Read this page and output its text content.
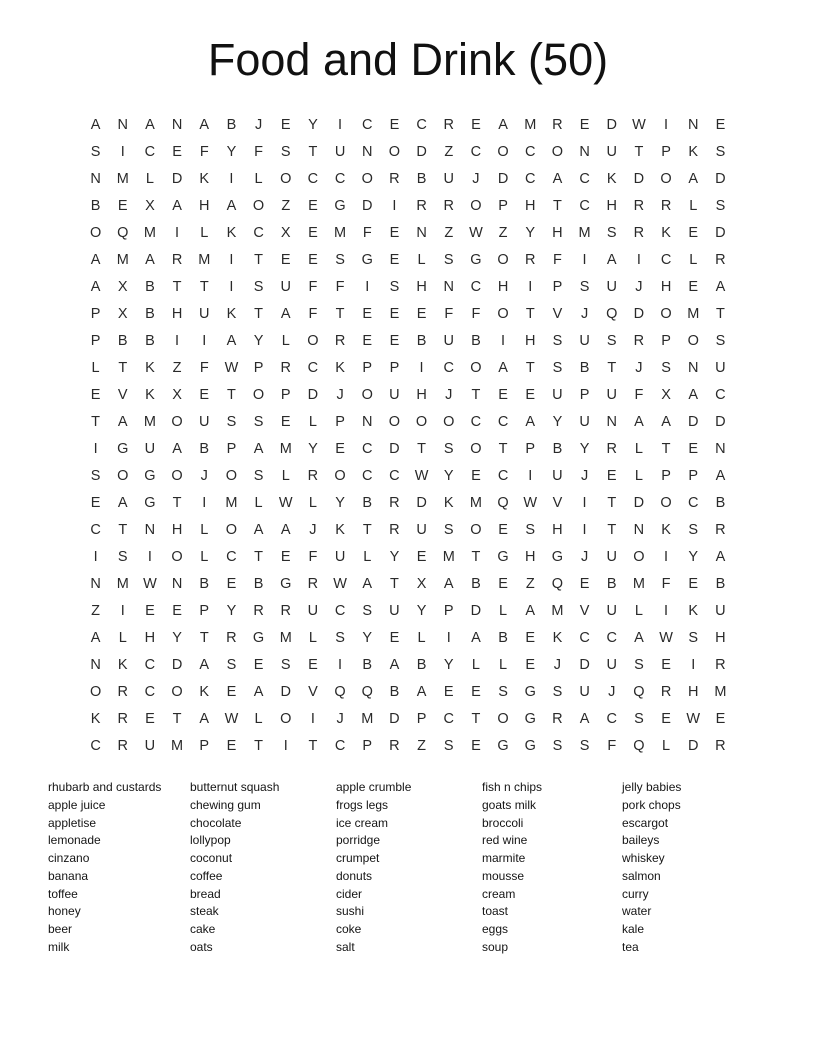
Food and Drink (50)
A	N	A	N	A	B	J	E	Y	I	C	E	C	R	E	A	M	R	E	D	W	I	N	E
S	I	C	E	F	Y	F	S	T	U	N	O	D	Z	C	O	C	O	N	U	T	P	K	S
N	M	L	D	K	I	L	O	C	C	O	R	B	U	J	D	C	A	C	K	D	O	A	D
B	E	X	A	H	A	O	Z	E	G	D	I	R	R	O	P	H	T	C	H	R	R	L	S
O	Q	M	I	L	K	C	X	E	M	F	E	N	Z	W	Z	Y	H	M	S	R	K	E	D
A	M	A	R	M	I	T	E	E	S	G	E	L	S	G	O	R	F	I	A	I	C	L	R
A	X	B	T	T	I	S	U	F	F	I	S	H	N	C	H	I	P	S	U	J	H	E	A
P	X	B	H	U	K	T	A	F	T	E	E	E	F	F	O	T	V	J	Q	D	O	M	T
P	B	B	I	I	A	Y	L	O	R	E	E	B	U	B	I	H	S	U	S	R	P	O	S
L	T	K	Z	F	W	P	R	C	K	P	P	I	C	O	A	T	S	B	T	J	S	N	U
E	V	K	X	E	T	O	P	D	J	O	U	H	J	T	E	E	U	P	U	F	X	A	C
T	A	M	O	U	S	S	E	L	P	N	O	O	O	C	C	A	Y	U	N	A	A	D	D
I	G	U	A	B	P	A	M	Y	E	C	D	T	S	O	T	P	B	Y	R	L	T	E	N
S	O	G	O	J	O	S	L	R	O	C	C	W	Y	E	C	I	U	J	E	L	P	P	A
E	A	G	T	I	M	L	W	L	Y	B	R	D	K	M	Q	W	V	I	T	D	O	C	B
C	T	N	H	L	O	A	A	J	K	T	R	U	S	O	E	S	H	I	T	N	K	S	R
I	S	I	O	L	C	T	E	F	U	L	Y	E	M	T	G	H	G	J	U	O	I	Y	A
N	M W	N	B	E	B	G	R	W	A	T	X	A	B	E	Z	Q	E	B	M	F	E	B
Z	I	E	E	P	Y	R	R	U	C	S	U	Y	P	D	L	A	M	V	U	L	I	K	U
A	L	H	Y	T	R	G	M	L	S	Y	E	L	I	A	B	E	K	C	C	A	W	S	H
N	K	C	D	A	S	E	S	E	I	B	A	B	Y	L	L	E	J	D	U	S	E	I	R
O	R	C	O	K	E	A	D	V	Q	Q	B	A	E	E	S	G	S	U	J	Q	R	H	M
K	R	E	T	A	W	L	O	I	J	M	D	P	C	T	O	G	R	A	C	S	E	W	E
C	R	U	M	P	E	T	I	T	C	P	R	Z	S	E	G	G	S	S	F	Q	L	D	R
rhubarb and custards
apple juice
appletise
lemonade
cinzano
banana
toffee
honey
beer
milk
butternut squash
chewing gum
chocolate
lollypop
coconut
coffee
bread
steak
cake
oats
apple crumble
frogs legs
ice cream
porridge
crumpet
donuts
cider
sushi
coke
salt
fish n chips
goats milk
broccoli
red wine
marmite
mousse
cream
toast
eggs
soup
jelly babies
pork chops
escargot
baileys
whiskey
salmon
curry
water
kale
tea
